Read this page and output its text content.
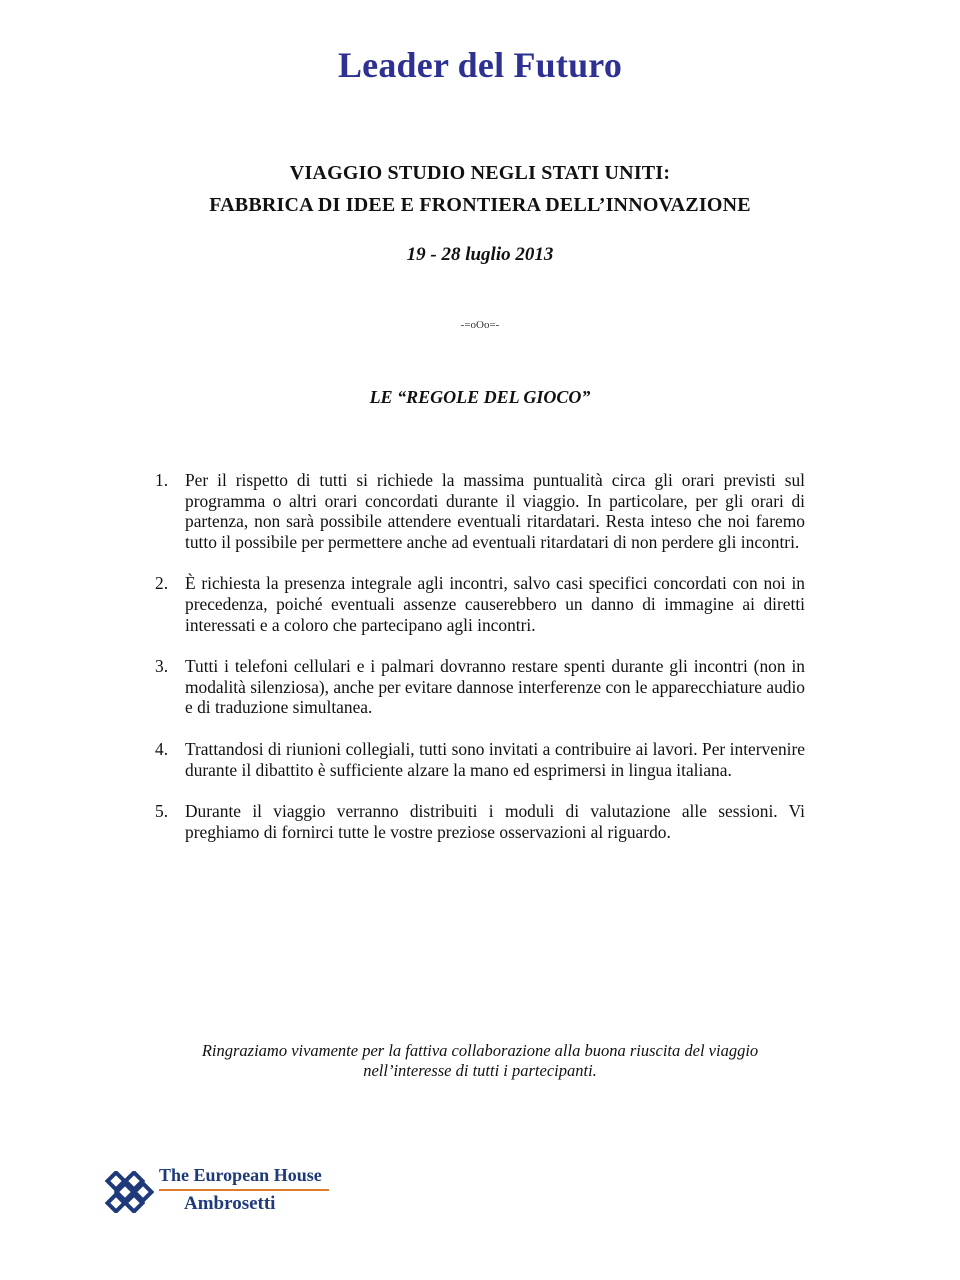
Leader del Futuro
VIAGGIO STUDIO NEGLI STATI UNITI:
FABBRICA DI IDEE E FRONTIERA DELL’INNOVAZIONE
19 - 28 luglio 2013
-=oOo=-
LE “REGOLE DEL GIOCO”
1. Per il rispetto di tutti si richiede la massima puntualità circa gli orari previsti sul programma o altri orari concordati durante il viaggio. In particolare, per gli orari di partenza, non sarà possibile attendere eventuali ritardatari. Resta inteso che noi faremo tutto il possibile per permettere anche ad eventuali ritardatari di non perdere gli incontri.
2. È richiesta la presenza integrale agli incontri, salvo casi specifici concordati con noi in precedenza, poiché eventuali assenze causerebbero un danno di immagine ai diretti interessati e a coloro che partecipano agli incontri.
3. Tutti i telefoni cellulari e i palmari dovranno restare spenti durante gli incontri (non in modalità silenziosa), anche per evitare dannose interferenze con le apparecchiature audio e di traduzione simultanea.
4. Trattandosi di riunioni collegiali, tutti sono invitati a contribuire ai lavori. Per intervenire durante il dibattito è sufficiente alzare la mano ed esprimersi in lingua italiana.
5. Durante il viaggio verranno distribuiti i moduli di valutazione alle sessioni. Vi preghiamo di fornirci tutte le vostre preziose osservazioni al riguardo.
Ringraziamo vivamente per la fattiva collaborazione alla buona riuscita del viaggio
nell’interesse di tutti i partecipanti.
The European House
Ambrosetti
